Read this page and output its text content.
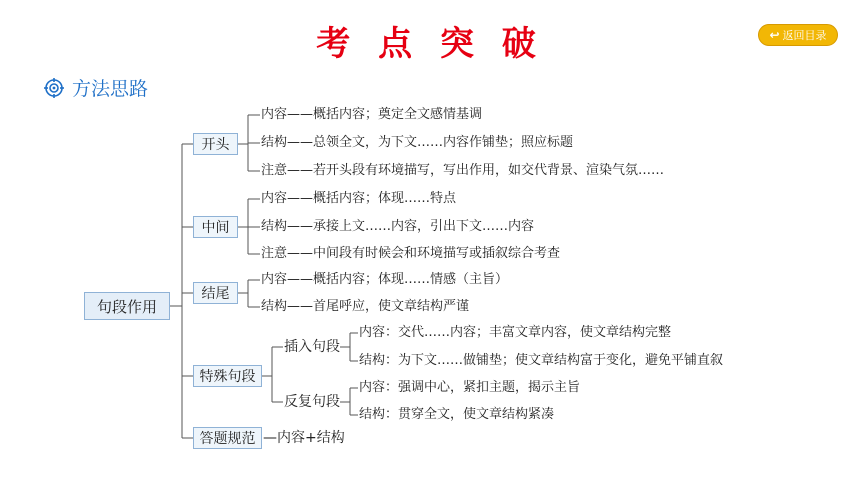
考 点 突 破	↩ 返回目录
方法思路
句段作用
开头
中间
结尾
特殊句段
答题规范 —内容+结构
内容——概括内容；奠定全文感情基调
结构——总领全文，为下文……内容作铺垫；照应标题
注意——若开头段有环境描写，写出作用，如交代背景、渲染气氛……
内容——概括内容；体现……特点
结构——承接上文……内容，引出下文……内容
注意——中间段有时候会和环境描写或插叙综合考查
内容——概括内容；体现……情感（主旨）
结构——首尾呼应，使文章结构严谨
插入句段
反复句段
内容：交代……内容；丰富文章内容，使文章结构完整
结构：为下文……做铺垫；使文章结构富于变化，避免平铺直叙
内容：强调中心，紧扣主题，揭示主旨
结构：贯穿全文，使文章结构紧凑
